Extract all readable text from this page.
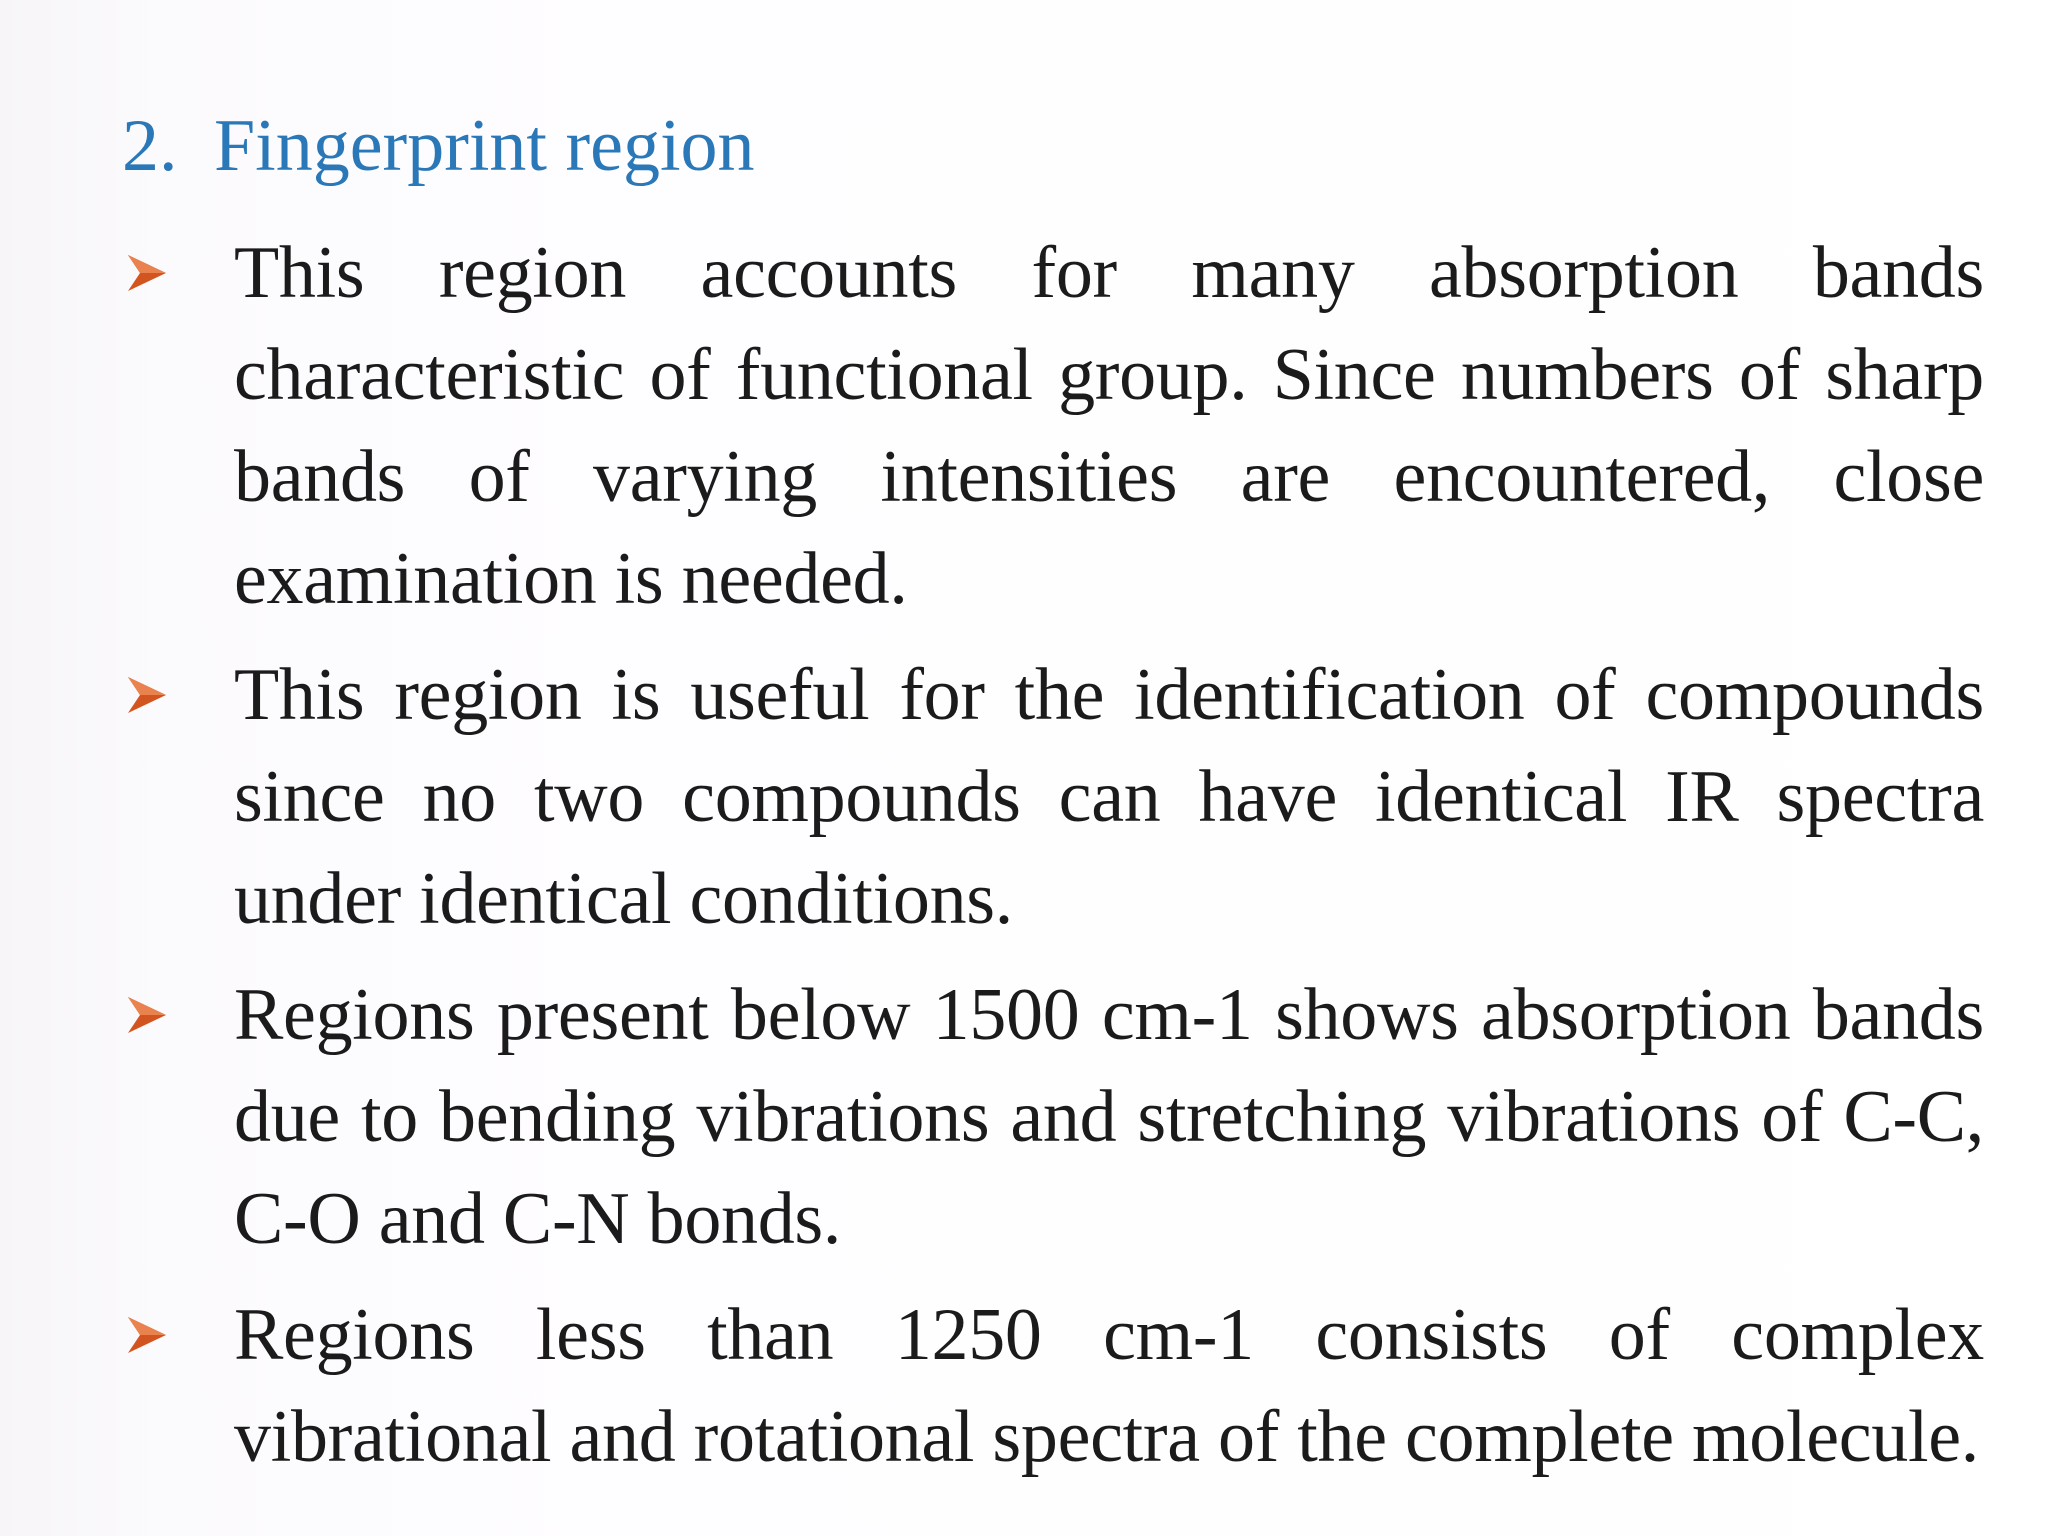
2. Fingerprint region
This region accounts for many absorption bands characteristic of functional group. Since numbers of sharp bands of varying intensities are encountered, close examination is needed.
This region is useful for the identification of compounds since no two compounds can have identical IR spectra under identical conditions.
Regions present below 1500 cm-1 shows absorption bands due to bending vibrations and stretching vibrations of C-C, C-O and C-N bonds.
Regions less than 1250 cm-1 consists of complex vibrational and rotational spectra of the complete molecule.
